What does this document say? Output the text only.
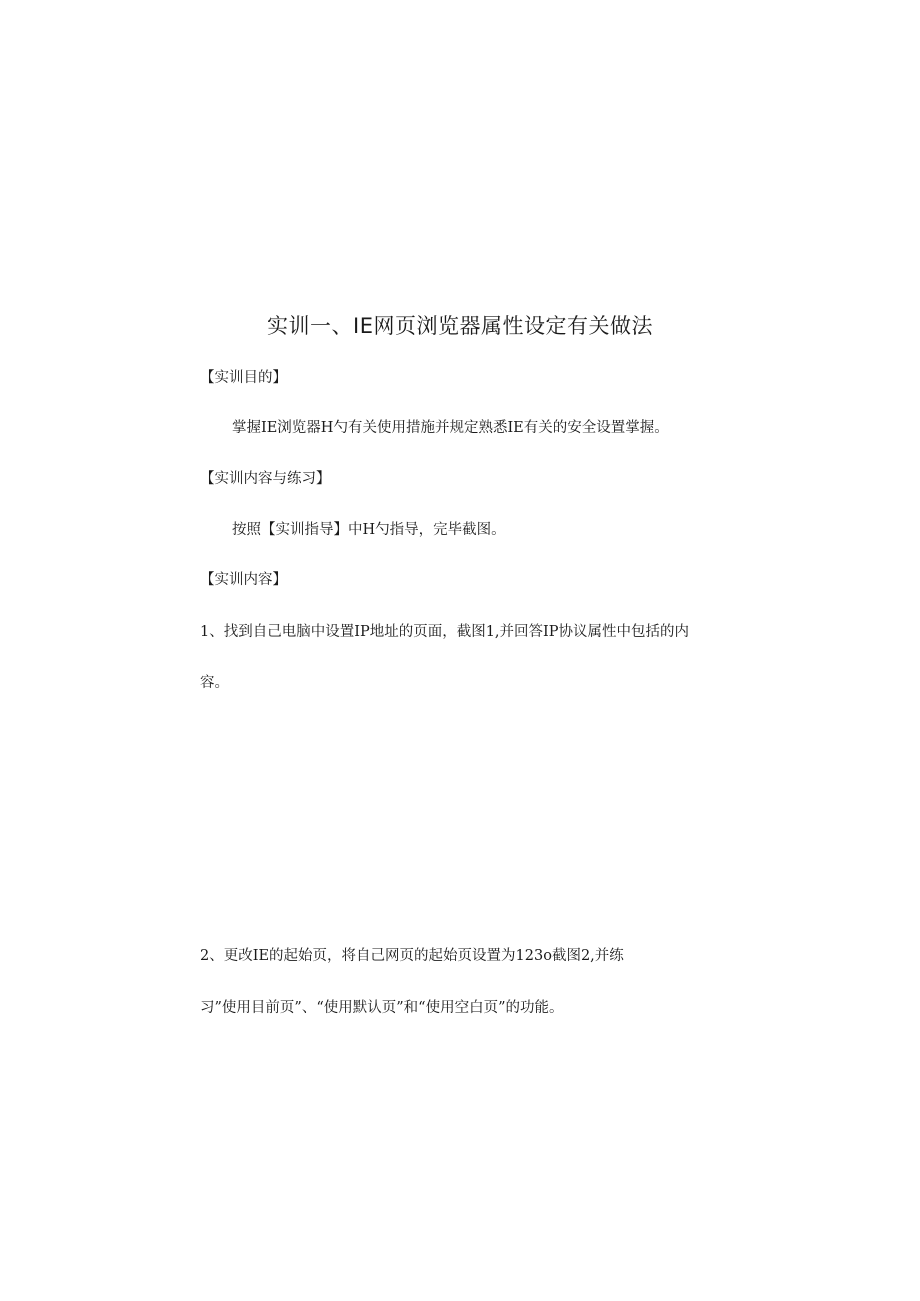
实训一、IE网页浏览器属性设定有关做法
【实训目的】
掌握IE浏览器H勺有关使用措施并规定熟悉IE有关的安全设置掌握。
【实训内容与练习】
按照【实训指导】中H勺指导，完毕截图。
【实训内容】
1、找到自己电脑中设置IP地址的页面，截图1,并回答IP协议属性中包括的内
容。
2、更改IE的起始页，将自己网页的起始页设置为123o截图2,并练
习”使用目前页”、“使用默认页”和“使用空白页”的功能。
